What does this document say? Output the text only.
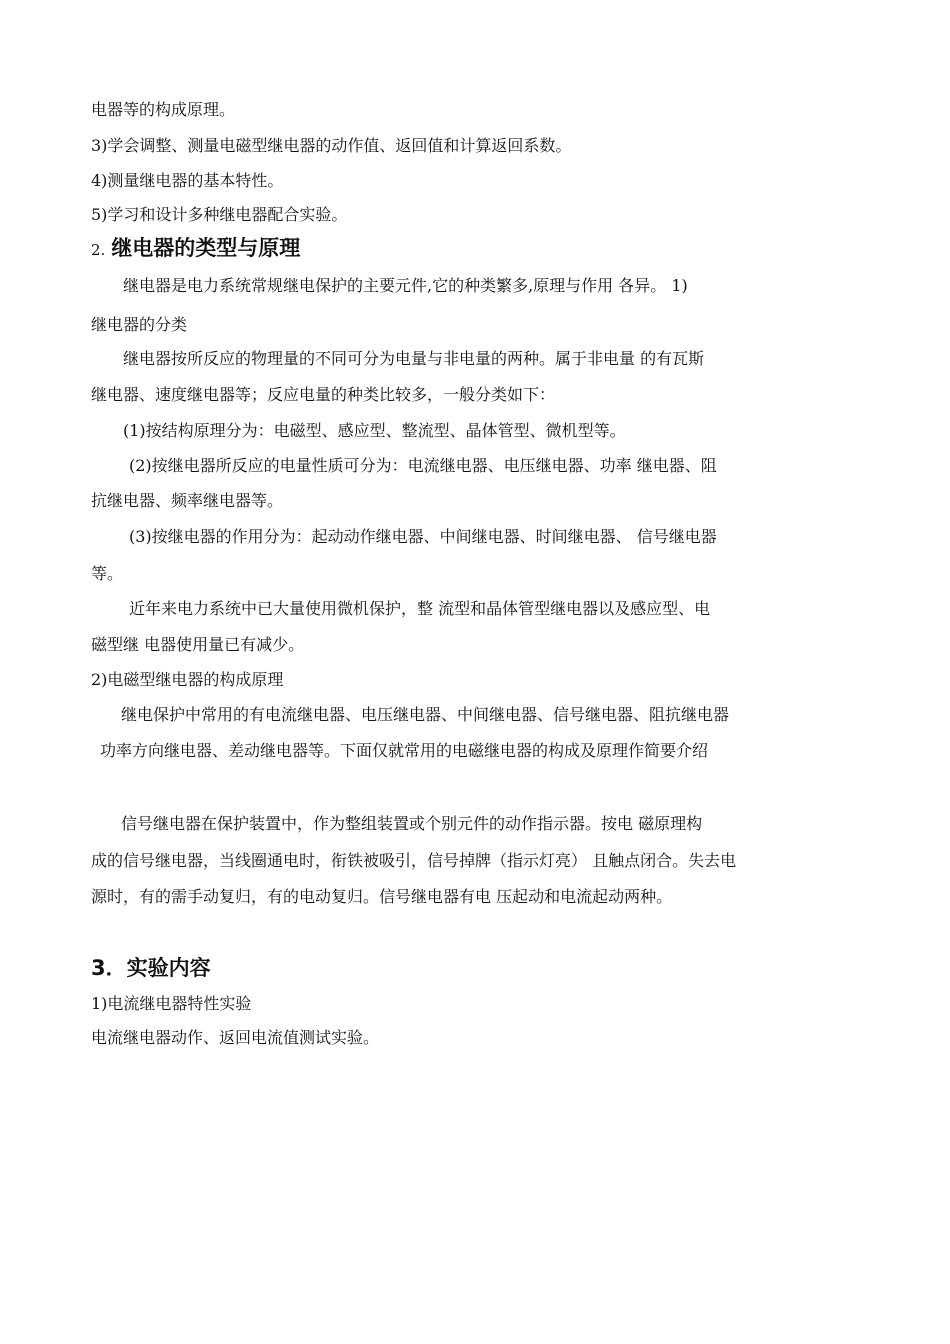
电器等的构成原理。
3)学会调整、测量电磁型继电器的动作值、返回值和计算返回系数。
4)测量继电器的基本特性。
5)学习和设计多种继电器配合实验。
2. 继电器的类型与原理
继电器是电力系统常规继电保护的主要元件,它的种类繁多,原理与作用 各异。 1)
继电器的分类
继电器按所反应的物理量的不同可分为电量与非电量的两种。属于非电量 的有瓦斯
继电器、速度继电器等；反应电量的种类比较多，一般分类如下：
(1)按结构原理分为：电磁型、感应型、整流型、晶体管型、微机型等。
(2)按继电器所反应的电量性质可分为：电流继电器、电压继电器、功率 继电器、阻
抗继电器、频率继电器等。
(3)按继电器的作用分为：起动动作继电器、中间继电器、时间继电器、 信号继电器
等。
近年来电力系统中已大量使用微机保护，整 流型和晶体管型继电器以及感应型、电
磁型继 电器使用量已有减少。
2)电磁型继电器的构成原理
继电保护中常用的有电流继电器、电压继电器、中间继电器、信号继电器、阻抗继电器
功率方向继电器、差动继电器等。下面仅就常用的电磁继电器的构成及原理作简要介绍
信号继电器在保护装置中，作为整组装置或个别元件的动作指示器。按电 磁原理构
成的信号继电器，当线圈通电时，衔铁被吸引，信号掉牌（指示灯亮） 且触点闭合。失去电
源时，有的需手动复归，有的电动复归。信号继电器有电 压起动和电流起动两种。
3．实验内容
1)电流继电器特性实验
电流继电器动作、返回电流值测试实验。
